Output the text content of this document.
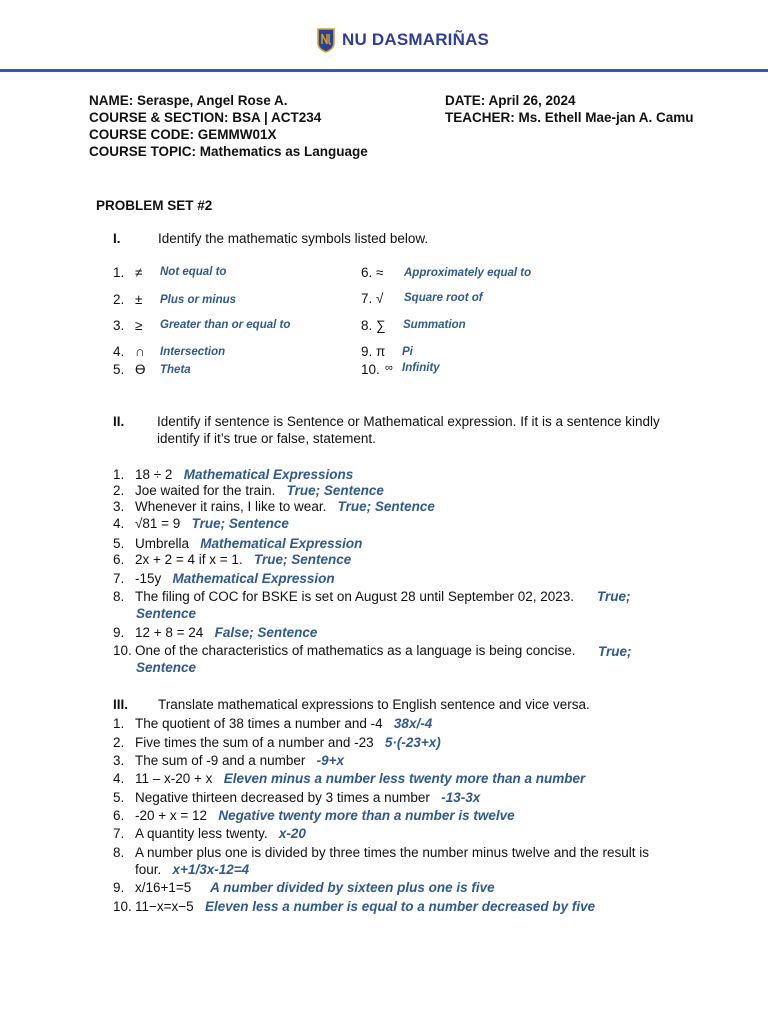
NU DASMARIÑAS
NAME: Seraspe, Angel Rose A.
COURSE & SECTION: BSA | ACT234
COURSE CODE: GEMMW01X
COURSE TOPIC: Mathematics as Language
DATE: April 26, 2024
TEACHER: Ms. Ethell Mae-jan A. Camu
PROBLEM SET #2
I.	Identify the mathematic symbols listed below.
1. ≠ Not equal to
2. ± Plus or minus
3. ≥ Greater than or equal to
4. ∩ Intersection
5. ϴ Theta
6. ≈ Approximately equal to
7. √ Square root of
8. ∑ Summation
9. π Pi
10. ∞ Infinity
II. Identify if sentence is Sentence or Mathematical expression. If it is a sentence kindly
identify if it’s true or false, statement.
1. 18 ÷ 2 Mathematical Expressions
2. Joe waited for the train. True; Sentence
3. Whenever it rains, I like to wear. True; Sentence
4. √81 = 9 True; Sentence
5. Umbrella Mathematical Expression
6. 2x + 2 = 4 if x = 1. True; Sentence
7. -15y Mathematical Expression
8. The filing of COC for BSKE is set on August 28 until September 02, 2023. True;
Sentence
9. 12 + 8 = 24 False; Sentence
10. One of the characteristics of mathematics as a language is being concise. True;
Sentence
III. Translate mathematical expressions to English sentence and vice versa.
1. The quotient of 38 times a number and -4 38x/-4
2. Five times the sum of a number and -23 5·(-23+x)
3. The sum of -9 and a number -9+x
4. 11 – x-20 + x Eleven minus a number less twenty more than a number
5. Negative thirteen decreased by 3 times a number -13-3x
6. -20 + x = 12 Negative twenty more than a number is twelve
7. A quantity less twenty. x-20
8. A number plus one is divided by three times the number minus twelve and the result is
four. x+1/3x-12=4
9. x/16+1=5 A number divided by sixteen plus one is five
10. 11−x=x−5 Eleven less a number is equal to a number decreased by five
